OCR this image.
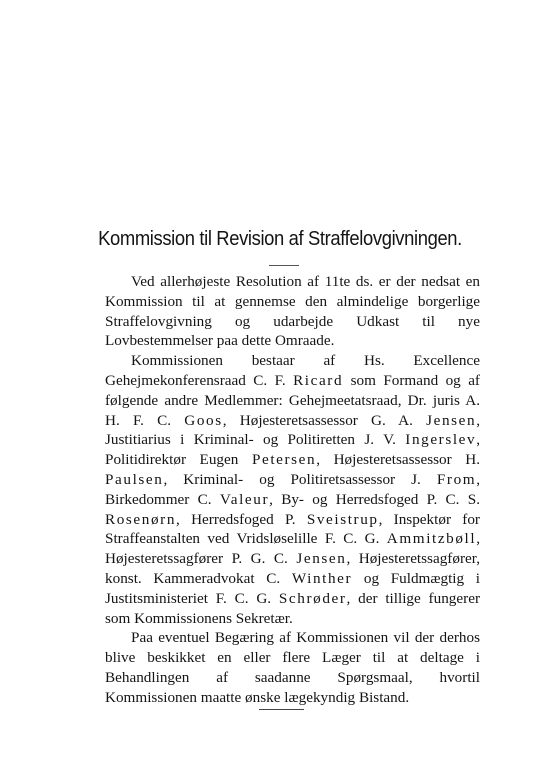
Kommission til Revision af Straffelovgivningen.

Ved allerhøjeste Resolution af 11te ds. er der nedsat en Kommission til at gennemse den almindelige borgerlige Straffelovgivning og udarbejde Udkast til nye Lovbestemmelser paa dette Omraade.

Kommissionen bestaar af Hs. Excellence Gehejmekonferensraad C. F. Ricard som Formand og af følgende andre Medlemmer: Gehejmeetatsraad, Dr. juris A. H. F. C. Goos, Højesteretsassessor G. A. Jensen, Justitiarius i Kriminal- og Politiretten J. V. Ingerslev, Politidirektør Eugen Petersen, Højesteretsassessor H. Paulsen, Kriminal- og Politiretsassessor J. From, Birkedommer C. Valeur, By- og Herredsfoged P. C. S. Rosenørn, Herredsfoged P. Sveistrup, Inspektør for Straffeanstalten ved Vridsløselille F. C. G. Ammitzbøll, Højesteretssagfører P. G. C. Jensen, Højesteretssagfører, konst. Kammeradvokat C. Winther og Fuldmægtig i Justitsministeriet F. C. G. Schrøder, der tillige fungerer som Kommissionens Sekretær.

Paa eventuel Begæring af Kommissionen vil der derhos blive beskikket en eller flere Læger til at deltage i Behandlingen af saadanne Spørgsmaal, hvortil Kommissionen maatte ønske lægekyndig Bistand.
